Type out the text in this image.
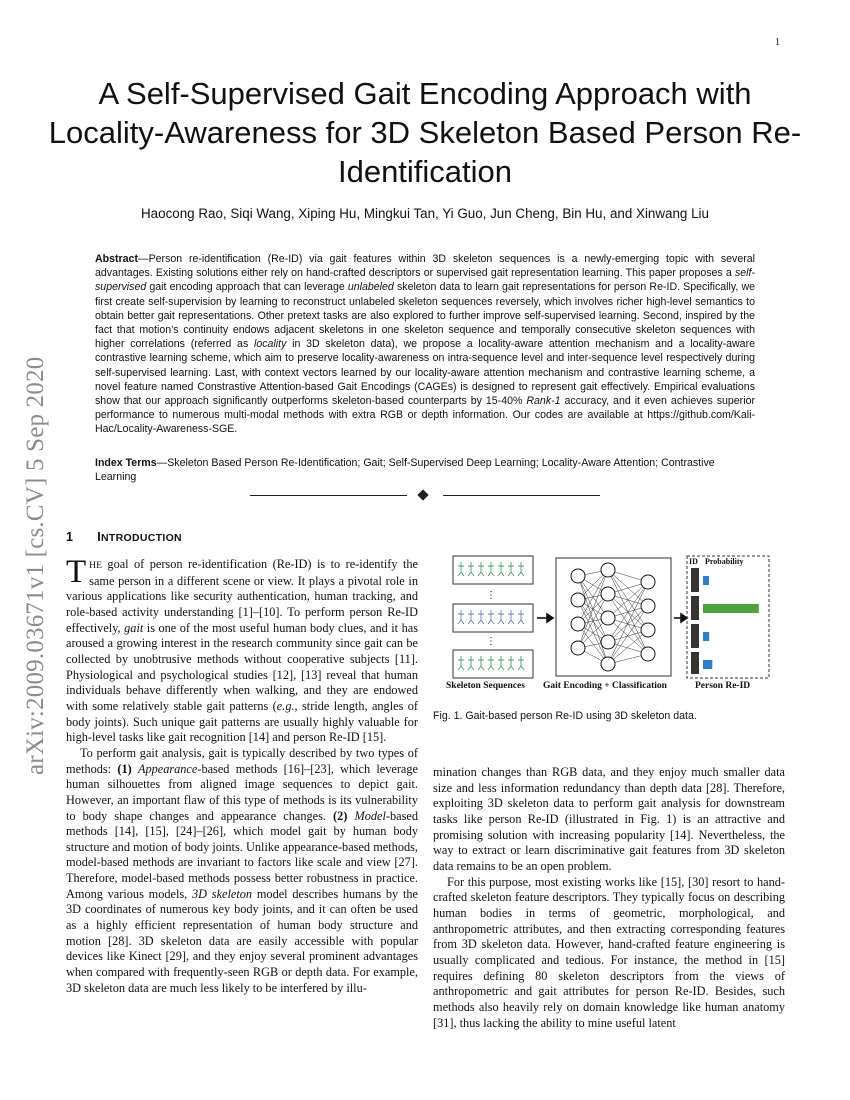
1
arXiv:2009.03671v1 [cs.CV] 5 Sep 2020
A Self-Supervised Gait Encoding Approach with Locality-Awareness for 3D Skeleton Based Person Re-Identification
Haocong Rao, Siqi Wang, Xiping Hu, Mingkui Tan, Yi Guo, Jun Cheng, Bin Hu, and Xinwang Liu

Abstract—Person re-identification (Re-ID) via gait features within 3D skeleton sequences is a newly-emerging topic with several advantages. Existing solutions either rely on hand-crafted descriptors or supervised gait representation learning. This paper proposes a self-supervised gait encoding approach that can leverage unlabeled skeleton data to learn gait representations for person Re-ID. Specifically, we first create self-supervision by learning to reconstruct unlabeled skeleton sequences reversely, which involves richer high-level semantics to obtain better gait representations. Other pretext tasks are also explored to further improve self-supervised learning. Second, inspired by the fact that motion’s continuity endows adjacent skeletons in one skeleton sequence and temporally consecutive skeleton sequences with higher correlations (referred as locality in 3D skeleton data), we propose a locality-aware attention mechanism and a locality-aware contrastive learning scheme, which aim to preserve locality-awareness on intra-sequence level and inter-sequence level respectively during self-supervised learning. Last, with context vectors learned by our locality-aware attention mechanism and contrastive learning scheme, a novel feature named Constrastive Attention-based Gait Encodings (CAGEs) is designed to represent gait effectively. Empirical evaluations show that our approach significantly outperforms skeleton-based counterparts by 15-40% Rank-1 accuracy, and it even achieves superior performance to numerous multi-modal methods with extra RGB or depth information. Our codes are available at https://github.com/Kali-Hac/Locality-Awareness-SGE.

Index Terms—Skeleton Based Person Re-Identification; Gait; Self-Supervised Deep Learning; Locality-Aware Attention; Contrastive Learning

1 INTRODUCTION

THE goal of person re-identification (Re-ID) is to re-identify the same person in a different scene or view. It plays a pivotal role in various applications like security authentication, human tracking, and role-based activity understanding [1]–[10]. To perform person Re-ID effectively, gait is one of the most useful human body clues, and it has aroused a growing interest in the research community since gait can be collected by unobtrusive methods without cooperative subjects [11]. Physiological and psychological studies [12], [13] reveal that human individuals behave differently when walking, and they are endowed with some relatively stable gait patterns (e.g., stride length, angles of body joints). Such unique gait patterns are usually highly valuable for high-level tasks like gait recognition [14] and person Re-ID [15].

To perform gait analysis, gait is typically described by two types of methods: (1) Appearance-based methods [16]–[23], which leverage human silhouettes from aligned image sequences to depict gait. However, an important flaw of this type of methods is its vulnerability to body shape changes and appearance changes. (2) Model-based methods [14], [15], [24]–[26], which model gait by human body structure and motion of body joints. Unlike appearance-based methods, model-based methods are invariant to factors like scale and view [27]. Therefore, model-based methods possess better robustness in practice. Among various models, 3D skeleton model describes humans by the 3D coordinates of numerous key body joints, and it can often be used as a highly efficient representation of human body structure and motion [28]. 3D skeleton data are easily accessible with popular devices like Kinect [29], and they enjoy several prominent advantages when compared with frequently-seen RGB or depth data. For example, 3D skeleton data are much less likely to be interfered by illu-

⋮
⋮
ID Probability
Skeleton Sequences Gait Encoding + Classification	Person Re-ID
Fig. 1. Gait-based person Re-ID using 3D skeleton data.

mination changes than RGB data, and they enjoy much smaller data size and less information redundancy than depth data [28]. Therefore, exploiting 3D skeleton data to perform gait analysis for downstream tasks like person Re-ID (illustrated in Fig. 1) is an attractive and promising solution with increasing popularity [14]. Nevertheless, the way to extract or learn discriminative gait features from 3D skeleton data remains to be an open problem.

For this purpose, most existing works like [15], [30] resort to hand-crafted skeleton feature descriptors. They typically focus on describing human bodies in terms of geometric, morphological, and anthropometric attributes, and then extracting corresponding features from 3D skeleton data. However, hand-crafted feature engineering is usually complicated and tedious. For instance, the method in [15] requires defining 80 skeleton descriptors from the views of anthropometric and gait attributes for person Re-ID. Besides, such methods also heavily rely on domain knowledge like human anatomy [31], thus lacking the ability to mine useful latent
